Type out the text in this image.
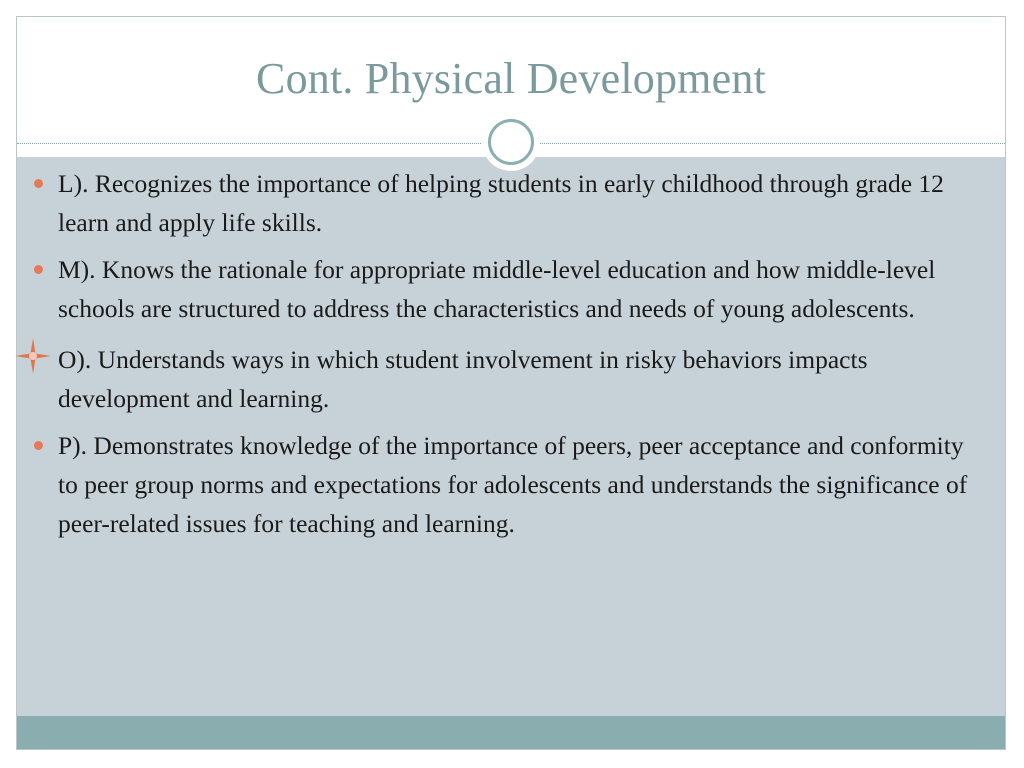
Cont. Physical Development
L). Recognizes the importance of helping students in early childhood through grade 12 learn and apply life skills.
M). Knows the rationale for appropriate middle-level education and how middle-level schools are structured to address the characteristics and needs of young adolescents.
O). Understands ways in which student involvement in risky behaviors impacts development and learning.
P). Demonstrates knowledge of the importance of peers, peer acceptance and conformity to peer group norms and expectations for adolescents and understands the significance of peer-related issues for teaching and learning.
